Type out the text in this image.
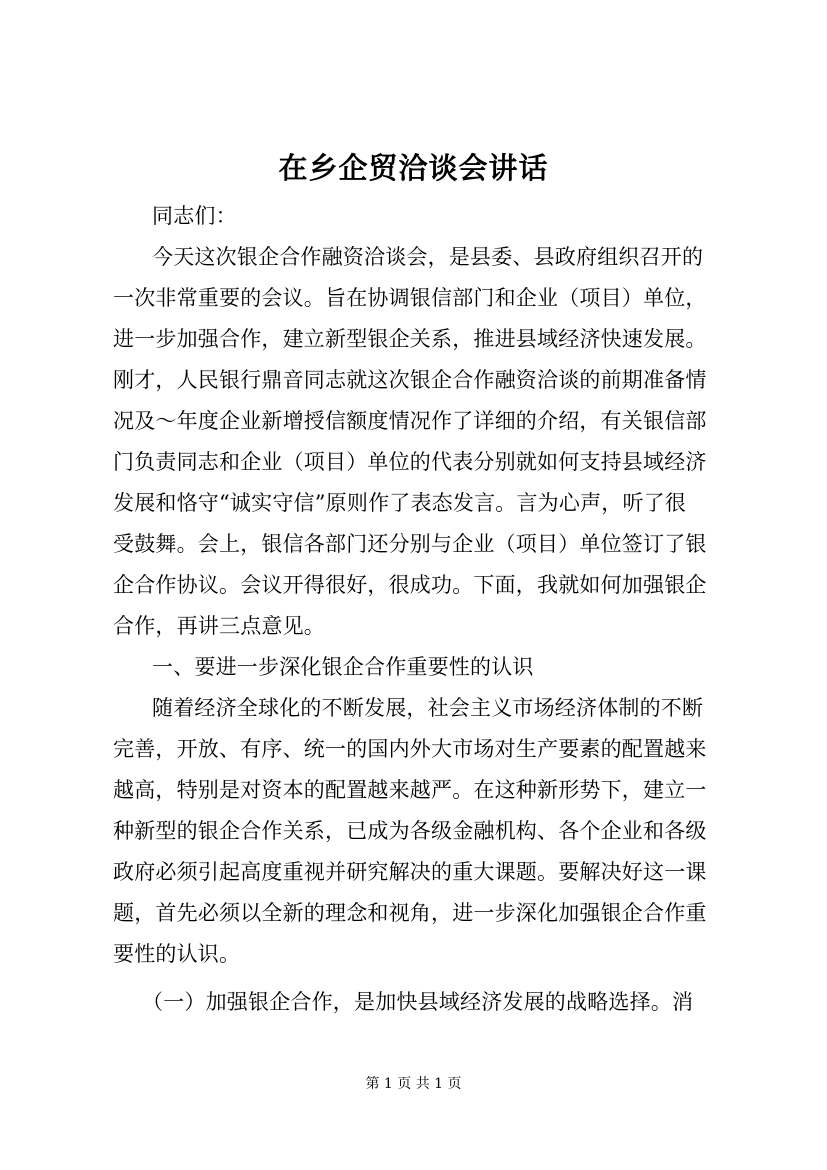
在乡企贸洽谈会讲话
同志们：
今天这次银企合作融资洽谈会，是县委、县政府组织召开的
一次非常重要的会议。旨在协调银信部门和企业（项目）单位，
进一步加强合作，建立新型银企关系，推进县域经济快速发展。
刚才，人民银行鼎音同志就这次银企合作融资洽谈的前期准备情
况及～年度企业新增授信额度情况作了详细的介绍，有关银信部
门负责同志和企业（项目）单位的代表分别就如何支持县域经济
发展和恪守“诚实守信”原则作了表态发言。言为心声，听了很
受鼓舞。会上，银信各部门还分别与企业（项目）单位签订了银
企合作协议。会议开得很好，很成功。下面，我就如何加强银企
合作，再讲三点意见。
一、要进一步深化银企合作重要性的认识
随着经济全球化的不断发展，社会主义市场经济体制的不断
完善，开放、有序、统一的国内外大市场对生产要素的配置越来
越高，特别是对资本的配置越来越严。在这种新形势下，建立一
种新型的银企合作关系，已成为各级金融机构、各个企业和各级
政府必须引起高度重视并研究解决的重大课题。要解决好这一课
题，首先必须以全新的理念和视角，进一步深化加强银企合作重
要性的认识。
（一）加强银企合作，是加快县域经济发展的战略选择。消
第 1 页 共 1 页
